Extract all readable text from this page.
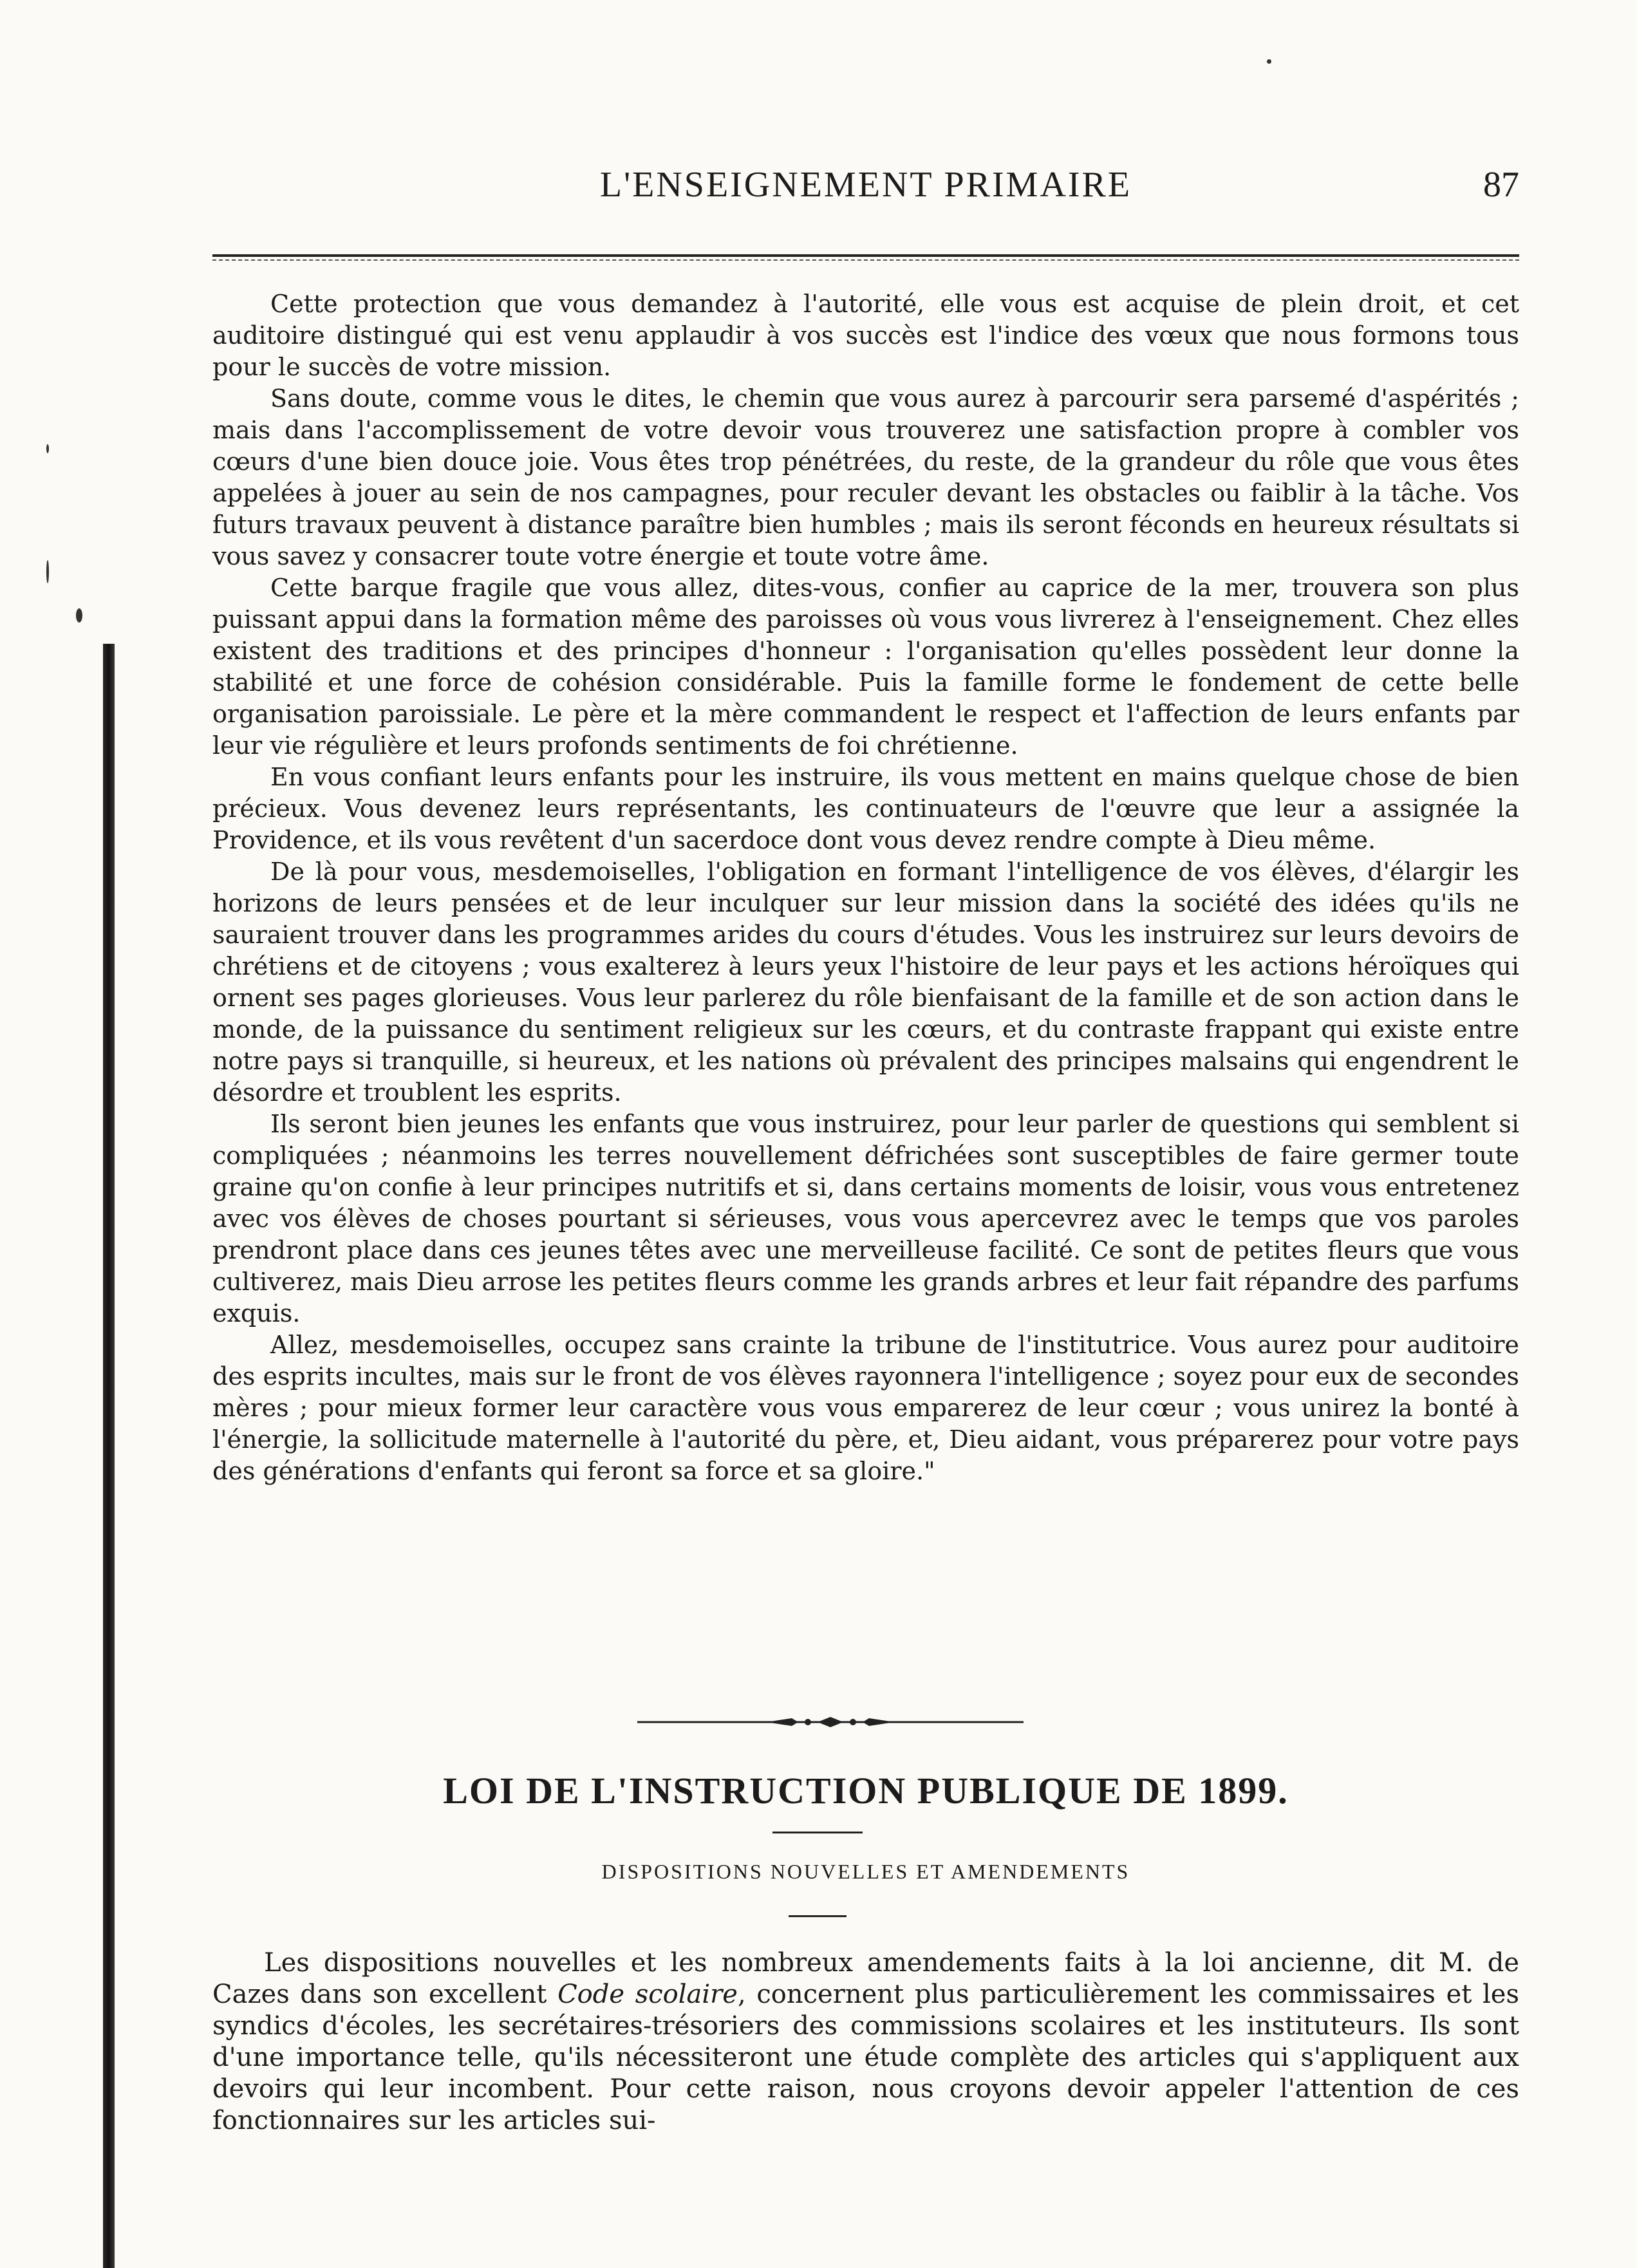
L'ENSEIGNEMENT PRIMAIRE	87

Cette protection que vous demandez à l'autorité, elle vous est acquise de plein droit, et cet auditoire distingué qui est venu applaudir à vos succès est l'indice des vœux que nous formons tous pour le succès de votre mission.

Sans doute, comme vous le dites, le chemin que vous aurez à parcourir sera parsemé d'aspérités ; mais dans l'accomplissement de votre devoir vous trouverez une satisfaction propre à combler vos cœurs d'une bien douce joie. Vous êtes trop pénétrées, du reste, de la grandeur du rôle que vous êtes appelées à jouer au sein de nos campagnes, pour reculer devant les obstacles ou faiblir à la tâche. Vos futurs travaux peuvent à distance paraître bien humbles ; mais ils seront féconds en heureux résultats si vous savez y consacrer toute votre énergie et toute votre âme.

Cette barque fragile que vous allez, dites-vous, confier au caprice de la mer, trouvera son plus puissant appui dans la formation même des paroisses où vous vous livrerez à l'enseignement. Chez elles existent des traditions et des principes d'honneur : l'organisation qu'elles possèdent leur donne la stabilité et une force de cohésion considérable. Puis la famille forme le fondement de cette belle organisation paroissiale. Le père et la mère commandent le respect et l'affection de leurs enfants par leur vie régulière et leurs profonds sentiments de foi chrétienne.

En vous confiant leurs enfants pour les instruire, ils vous mettent en mains quelque chose de bien précieux. Vous devenez leurs représentants, les continuateurs de l'œuvre que leur a assignée la Providence, et ils vous revêtent d'un sacerdoce dont vous devez rendre compte à Dieu même.

De là pour vous, mesdemoiselles, l'obligation en formant l'intelligence de vos élèves, d'élargir les horizons de leurs pensées et de leur inculquer sur leur mission dans la société des idées qu'ils ne sauraient trouver dans les programmes arides du cours d'études. Vous les instruirez sur leurs devoirs de chrétiens et de citoyens ; vous exalterez à leurs yeux l'histoire de leur pays et les actions héroïques qui ornent ses pages glorieuses. Vous leur parlerez du rôle bienfaisant de la famille et de son action dans le monde, de la puissance du sentiment religieux sur les cœurs, et du contraste frappant qui existe entre notre pays si tranquille, si heureux, et les nations où prévalent des principes malsains qui engendrent le désordre et troublent les esprits.

Ils seront bien jeunes les enfants que vous instruirez, pour leur parler de questions qui semblent si compliquées ; néanmoins les terres nouvellement défrichées sont susceptibles de faire germer toute graine qu'on confie à leur principes nutritifs et si, dans certains moments de loisir, vous vous entretenez avec vos élèves de choses pourtant si sérieuses, vous vous apercevrez avec le temps que vos paroles prendront place dans ces jeunes têtes avec une merveilleuse facilité. Ce sont de petites fleurs que vous cultiverez, mais Dieu arrose les petites fleurs comme les grands arbres et leur fait répandre des parfums exquis.

Allez, mesdemoiselles, occupez sans crainte la tribune de l'institutrice. Vous aurez pour auditoire des esprits incultes, mais sur le front de vos élèves rayonnera l'intelligence ; soyez pour eux de secondes mères ; pour mieux former leur caractère vous vous emparerez de leur cœur ; vous unirez la bonté à l'énergie, la sollicitude maternelle à l'autorité du père, et, Dieu aidant, vous préparerez pour votre pays des générations d'enfants qui feront sa force et sa gloire."

LOI DE L'INSTRUCTION PUBLIQUE DE 1899.
DISPOSITIONS NOUVELLES ET AMENDEMENTS

Les dispositions nouvelles et les nombreux amendements faits à la loi ancienne, dit M. de Cazes dans son excellent Code scolaire, concernent plus particulièrement les commissaires et les syndics d'écoles, les secrétaires-trésoriers des commissions scolaires et les instituteurs. Ils sont d'une importance telle, qu'ils nécessiteront une étude complète des articles qui s'appliquent aux devoirs qui leur incombent. Pour cette raison, nous croyons devoir appeler l'attention de ces fonctionnaires sur les articles sui-
